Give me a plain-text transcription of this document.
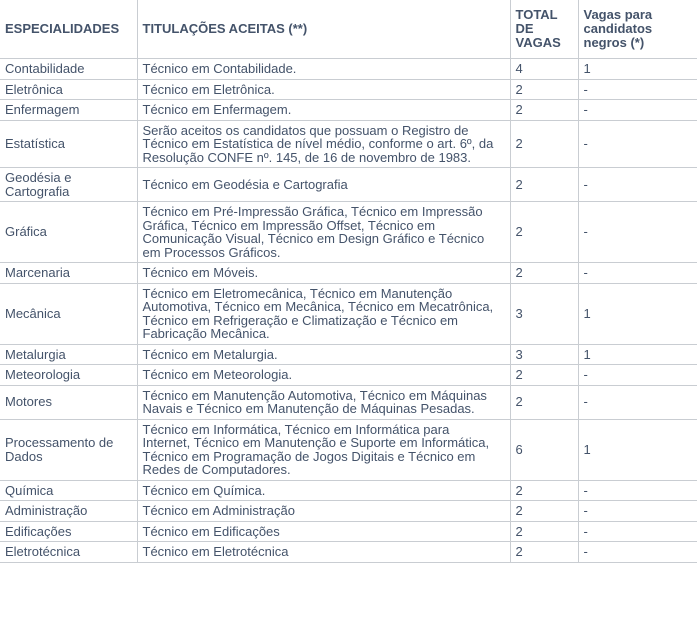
ESPECIALIDADES	TITULAÇÕES ACEITAS (**)	TOTAL DE VAGAS	Vagas para candidatos negros (*)
Contabilidade	Técnico em Contabilidade.	4	1
Eletrônica	Técnico em Eletrônica.	2	-
Enfermagem	Técnico em Enfermagem.	2	-
Estatística	Serão aceitos os candidatos que possuam o Registro de Técnico em Estatística de nível médio, conforme o art. 6º, da Resolução CONFE nº. 145, de 16 de novembro de 1983.	2	-
Geodésia e Cartografia	Técnico em Geodésia e Cartografia	2	-
Gráfica	Técnico em Pré-Impressão Gráfica, Técnico em Impressão Gráfica, Técnico em Impressão Offset, Técnico em Comunicação Visual, Técnico em Design Gráfico e Técnico em Processos Gráficos.	2	-
Marcenaria	Técnico em Móveis.	2	-
Mecânica	Técnico em Eletromecânica, Técnico em Manutenção Automotiva, Técnico em Mecânica, Técnico em Mecatrônica, Técnico em Refrigeração e Climatização e Técnico em Fabricação Mecânica.	3	1
Metalurgia	Técnico em Metalurgia.	3	1
Meteorologia	Técnico em Meteorologia.	2	-
Motores	Técnico em Manutenção Automotiva, Técnico em Máquinas Navais e Técnico em Manutenção de Máquinas Pesadas.	2	-
Processamento de Dados	Técnico em Informática, Técnico em Informática para Internet, Técnico em Manutenção e Suporte em Informática, Técnico em Programação de Jogos Digitais e Técnico em Redes de Computadores.	6	1
Química	Técnico em Química.	2	-
Administração	Técnico em Administração	2	-
Edificações	Técnico em Edificações	2	-
Eletrotécnica	Técnico em Eletrotécnica	2	-
